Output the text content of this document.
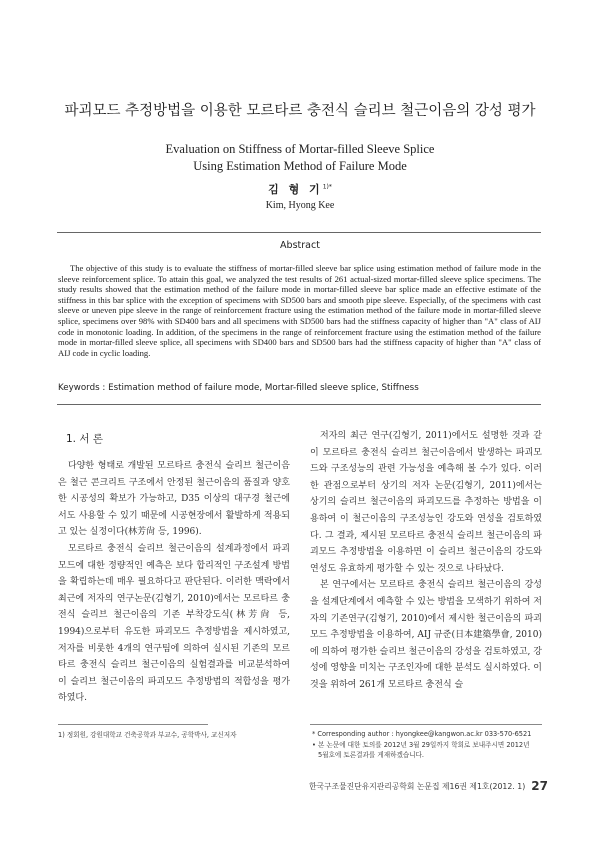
파괴모드 추정방법을 이용한 모르타르 충전식 슬리브 철근이음의 강성 평가
Evaluation on Stiffness of Mortar-filled Sleeve Splice
Using Estimation Method of Failure Mode
김 형 기$^{1)*}$
Kim, Hyong Kee
Abstract
The objective of this study is to evaluate the stiffness of mortar-filled sleeve bar splice using estimation method of failure mode in the sleeve reinforcement splice. To attain this goal, we analyzed the test results of 261 actual-sized mortar-filled sleeve splice specimens. The study results showed that the estimation method of the failure mode in mortar-filled sleeve bar splice made an effective estimate of the stiffness in this bar splice with the exception of specimens with SD500 bars and smooth pipe sleeve. Especially, of the specimens with cast sleeve or uneven pipe sleeve in the range of reinforcement fracture using the estimation method of the failure mode in mortar-filled sleeve splice, specimens over 98% with SD400 bars and all specimens with SD500 bars had the stiffness capacity of higher than "A" class of AIJ code in monotonic loading. In addition, of the specimens in the range of reinforcement fracture using the estimation method of the failure mode in mortar-filled sleeve splice, all specimens with SD400 bars and SD500 bars had the stiffness capacity of higher than "A" class of AIJ code in cyclic loading.
Keywords : Estimation method of failure mode, Mortar-filled sleeve splice, Stiffness
1. 서 론

다양한 형태로 개발된 모르타르 충전식 슬리브 철근이음은 철근 콘크리트 구조에서 안정된 철근이음의 품질과 양호한 시공성의 확보가 가능하고, D35 이상의 대구경 철근에서도 사용할 수 있기 때문에 시공현장에서 활발하게 적용되고 있는 실정이다(林芳尙 등, 1996).

모르타르 충전식 슬리브 철근이음의 설계과정에서 파괴모드에 대한 정량적인 예측은 보다 합리적인 구조설계 방법을 확립하는데 매우 필요하다고 판단된다. 이러한 맥락에서 최근에 저자의 연구논문(김형기, 2010)에서는 모르타르 충전식 슬리브 철근이음의 기존 부착강도식(林芳尙 등, 1994)으로부터 유도한 파괴모드 추정방법을 제시하였고, 저자를 비롯한 4개의 연구팀에 의하여 실시된 기존의 모르타르 충전식 슬리브 철근이음의 실험결과를 비교분석하여 이 슬리브 철근이음의 파괴모드 추정방법의 적합성을 평가하였다.

저자의 최근 연구(김형기, 2011)에서도 설명한 것과 같이 모르타르 충전식 슬리브 철근이음에서 발생하는 파괴모드와 구조성능의 관련 가능성을 예측해 볼 수가 있다. 이러한 관점으로부터 상기의 저자 논문(김형기, 2011)에서는 상기의 슬리브 철근이음의 파괴모드를 추정하는 방법을 이용하여 이 철근이음의 구조성능인 강도와 연성을 검토하였다. 그 결과, 제시된 모르타르 충전식 슬리브 철근이음의 파괴모드 추정방법을 이용하면 이 슬리브 철근이음의 강도와 연성도 유효하게 평가할 수 있는 것으로 나타났다.

본 연구에서는 모르타르 충전식 슬리브 철근이음의 강성을 설계단계에서 예측할 수 있는 방법을 모색하기 위하여 저자의 기존연구(김형기, 2010)에서 제시한 철근이음의 파괴모드 추정방법을 이용하여, AIJ 규준(日本建築學會, 2010)에 의하여 평가한 슬리브 철근이음의 강성을 검토하였고, 강성에 영향을 미치는 구조인자에 대한 분석도 실시하였다. 이것을 위하여 261개 모르타르 충전식 슬

1) 정회원, 강원대학교 건축공학과 부교수, 공학박사, 교신저자	* Corresponding author : hyongkee@kangwon.ac.kr 033-570-6521
• 본 논문에 대한 토의를 2012년 3월 29일까지 학회로 보내주시면 2012년
5월호에 토론결과를 게재하겠습니다.
한국구조물진단유지관리공학회 논문집 제16권 제1호(2012. 1) 27
